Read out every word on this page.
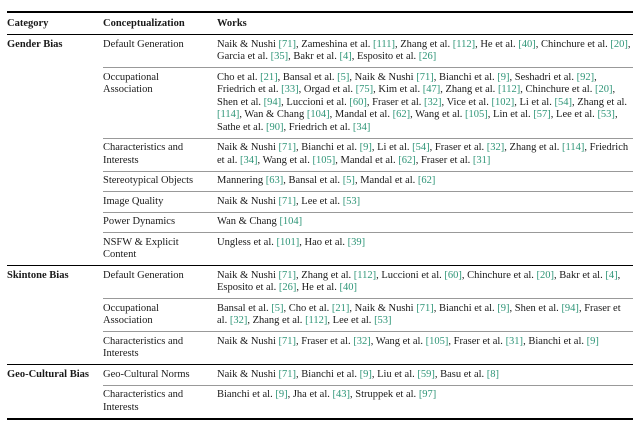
Category	Conceptualization	Works
Gender Bias	Default Generation	Naik & Nushi [71], Zameshina et al. [111], Zhang et al. [112], He et al. [40], Chinchure et al. [20], Garcia et al. [35], Bakr et al. [4], Esposito et al. [26]
	Occupational Association	Cho et al. [21], Bansal et al. [5], Naik & Nushi [71], Bianchi et al. [9], Seshadri et al. [92], Friedrich et al. [33], Orgad et al. [75], Kim et al. [47], Zhang et al. [112], Chinchure et al. [20], Shen et al. [94], Luccioni et al. [60], Fraser et al. [32], Vice et al. [102], Li et al. [54], Zhang et al. [114], Wan & Chang [104], Mandal et al. [62], Wang et al. [105], Lin et al. [57], Lee et al. [53], Sathe et al. [90], Friedrich et al. [34]
	Characteristics and Interests	Naik & Nushi [71], Bianchi et al. [9], Li et al. [54], Fraser et al. [32], Zhang et al. [114], Friedrich et al. [34], Wang et al. [105], Mandal et al. [62], Fraser et al. [31]
	Stereotypical Objects	Mannering [63], Bansal et al. [5], Mandal et al. [62]
	Image Quality	Naik & Nushi [71], Lee et al. [53]
	Power Dynamics	Wan & Chang [104]
	NSFW & Explicit Content	Ungless et al. [101], Hao et al. [39]
Skintone Bias	Default Generation	Naik & Nushi [71], Zhang et al. [112], Luccioni et al. [60], Chinchure et al. [20], Bakr et al. [4], Esposito et al. [26], He et al. [40]
	Occupational Association	Bansal et al. [5], Cho et al. [21], Naik & Nushi [71], Bianchi et al. [9], Shen et al. [94], Fraser et al. [32], Zhang et al. [112], Lee et al. [53]
	Characteristics and Interests	Naik & Nushi [71], Fraser et al. [32], Wang et al. [105], Fraser et al. [31], Bianchi et al. [9]
Geo-Cultural Bias	Geo-Cultural Norms	Naik & Nushi [71], Bianchi et al. [9], Liu et al. [59], Basu et al. [8]
	Characteristics and Interests	Bianchi et al. [9], Jha et al. [43], Struppek et al. [97]
